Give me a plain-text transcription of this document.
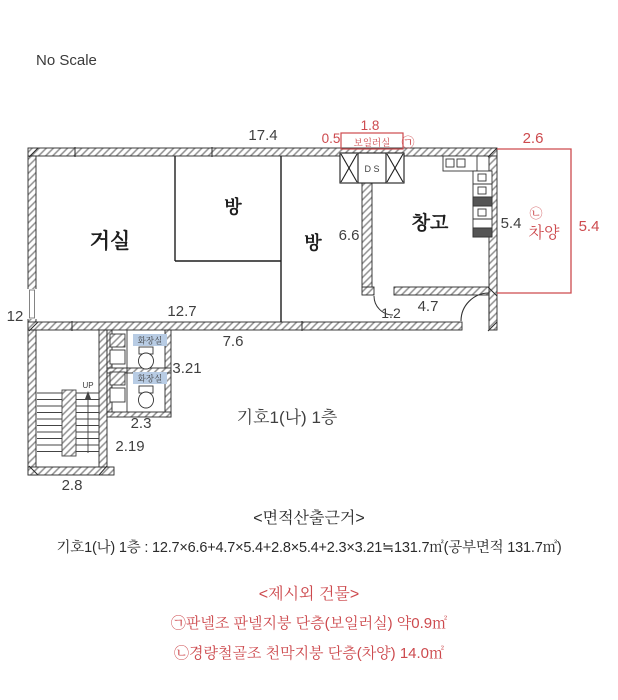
No Scale
D S
보일러실 ㉠
㉡
차양
UP
화장실
화장실
거실
방
방
창고
17.4	0.5
1.8
2.6
5.4	5.4
6.6
12	12.7
7.6
1.2 4.7
3.21
2.3
2.19
2.8
기호1(나) 1층
<면적산출근거>
기호1(나) 1층 : 12.7×6.6+4.7×5.4+2.8×5.4+2.3×3.21≒131.7㎡(공부면적 131.7㎡)
<제시외 건물>
㉠판넬조 판넬지붕 단층(보일러실) 약0.9㎡
㉡경량철골조 천막지붕 단층(차양) 14.0㎡
